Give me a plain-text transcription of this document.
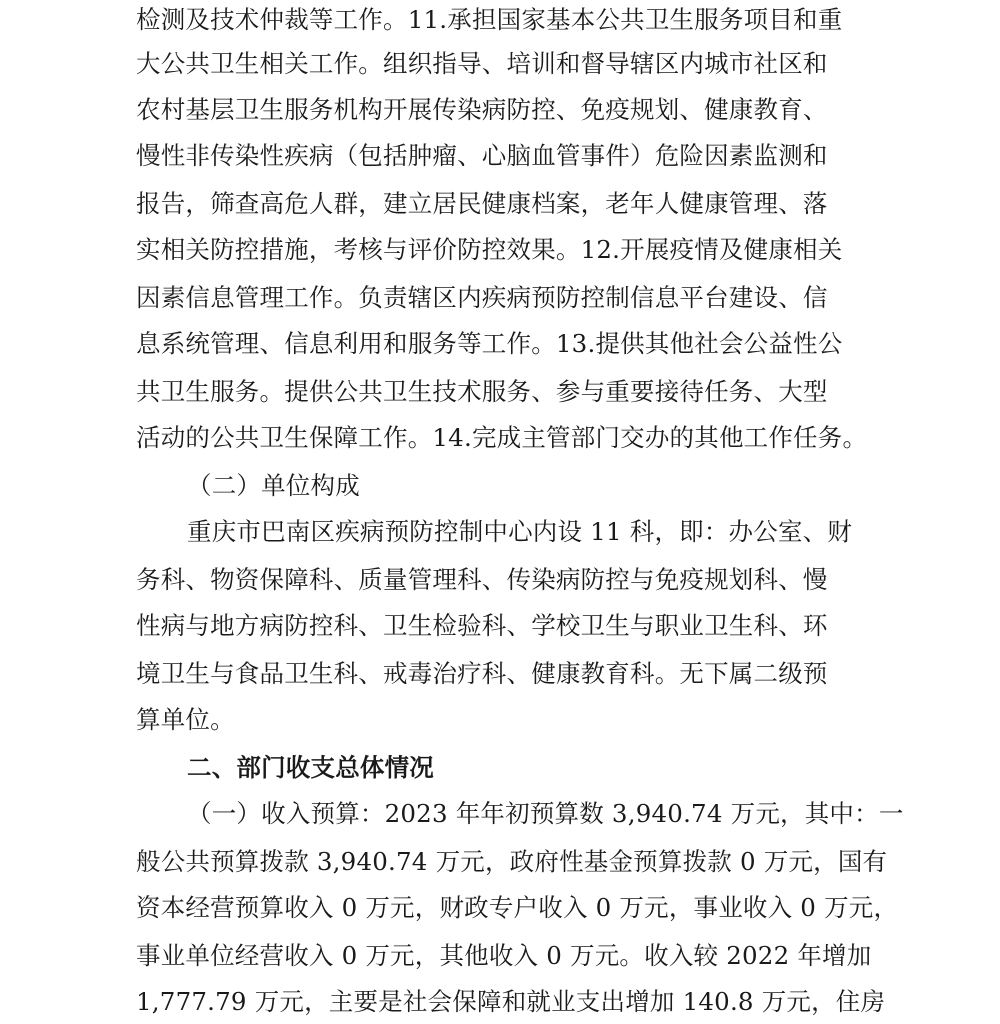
检测及技术仲裁等工作。11.承担国家基本公共卫生服务项目和重
大公共卫生相关工作。组织指导、培训和督导辖区内城市社区和
农村基层卫生服务机构开展传染病防控、免疫规划、健康教育、
慢性非传染性疾病（包括肿瘤、心脑血管事件）危险因素监测和
报告，筛查高危人群，建立居民健康档案，老年人健康管理、落
实相关防控措施，考核与评价防控效果。12.开展疫情及健康相关
因素信息管理工作。负责辖区内疾病预防控制信息平台建设、信
息系统管理、信息利用和服务等工作。13.提供其他社会公益性公
共卫生服务。提供公共卫生技术服务、参与重要接待任务、大型
活动的公共卫生保障工作。14.完成主管部门交办的其他工作任务。
（二）单位构成
重庆市巴南区疾病预防控制中心内设 11 科，即：办公室、财
务科、物资保障科、质量管理科、传染病防控与免疫规划科、慢
性病与地方病防控科、卫生检验科、学校卫生与职业卫生科、环
境卫生与食品卫生科、戒毒治疗科、健康教育科。无下属二级预
算单位。
二、部门收支总体情况
（一）收入预算：2023 年年初预算数 3,940.74 万元，其中：一
般公共预算拨款 3,940.74 万元，政府性基金预算拨款 0 万元，国有
资本经营预算收入 0 万元，财政专户收入 0 万元，事业收入 0 万元，
事业单位经营收入 0 万元，其他收入 0 万元。收入较 2022 年增加
1,777.79 万元，主要是社会保障和就业支出增加 140.8 万元，住房
